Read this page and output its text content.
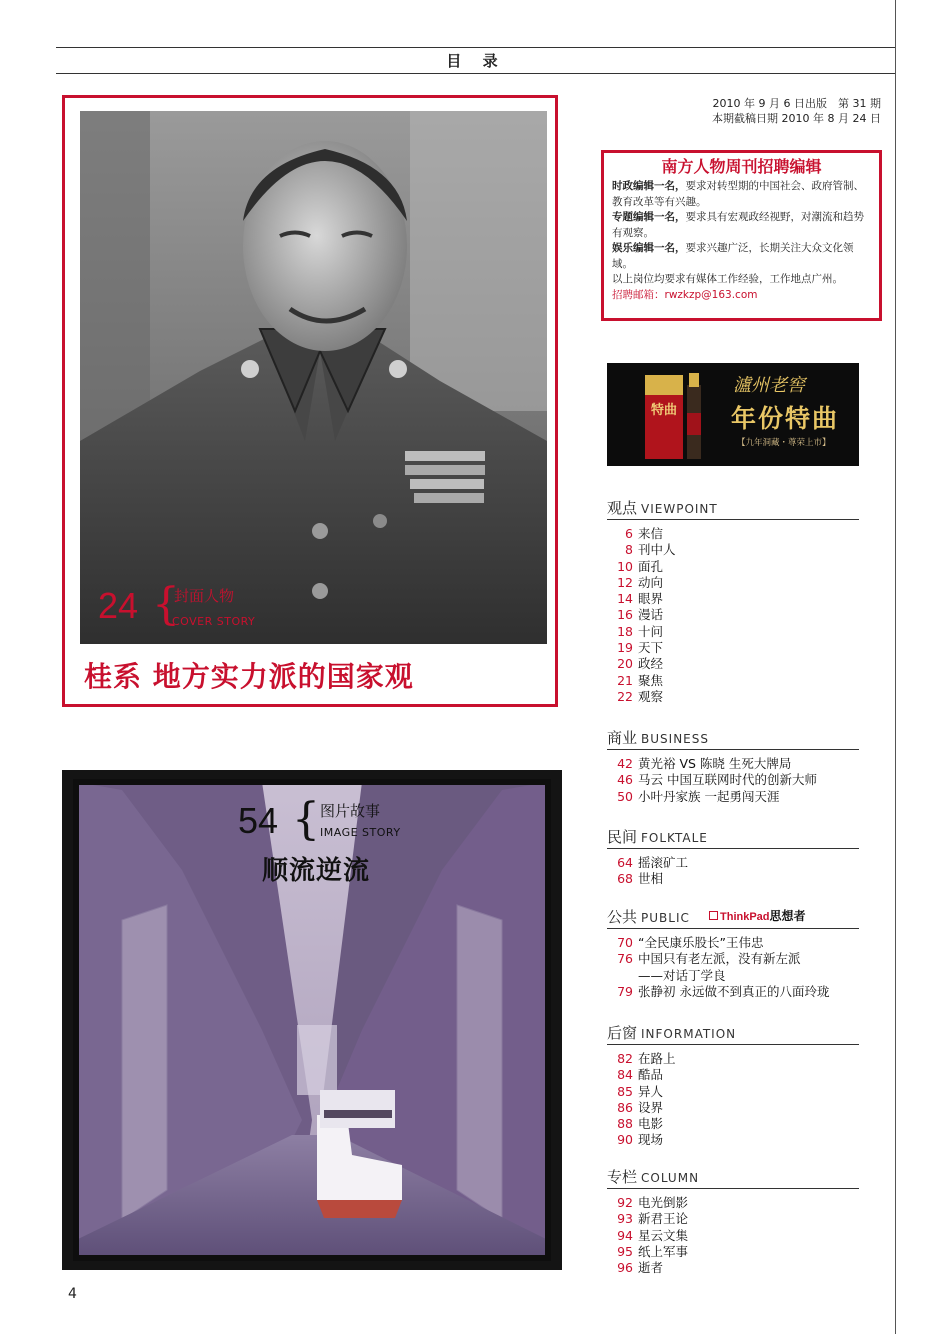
目 录
2010 年 9 月 6 日出版　第 31 期
本期截稿日期 2010 年 8 月 24 日
24 {
封面人物
COVER STORY
桂系 地方实力派的国家观
54 { 图片故事
IMAGE STORY
顺流逆流
南方人物周刊招聘编辑
时政编辑一名，要求对转型期的中国社会、政府管制、教育改革等有兴趣。
专题编辑一名，要求具有宏观政经视野，对潮流和趋势有观察。
娱乐编辑一名，要求兴趣广泛，长期关注大众文化领域。
以上岗位均要求有媒体工作经验，工作地点广州。
招聘邮箱：rwzkzp@163.com
特曲
瀘州老窖
年份特曲
【九年洞藏・尊荣上市】
观点 VIEWPOINT
6 来信
8 刊中人
10 面孔
12 动向
14 眼界
16 漫话
18 十问
19 天下
20 政经
21 聚焦
22 观察
商业 BUSINESS
42 黄光裕 VS 陈晓 生死大牌局
46 马云 中国互联网时代的创新大师
50 小叶丹家族 一起勇闯天涯
民间 FOLKTALE
64 摇滚矿工
68 世相
公共 PUBLIC	ThinkPad思想者
70 “全民康乐股长”王伟忠
76 中国只有老左派，没有新左派
——对话丁学良
79 张静初 永远做不到真正的八面玲珑
后窗 INFORMATION
82 在路上
84 酷品
85 异人
86 设界
88 电影
90 现场
专栏 COLUMN
92 电光倒影
93 新君王论
94 星云文集
95 纸上军事
96 逝者
4
